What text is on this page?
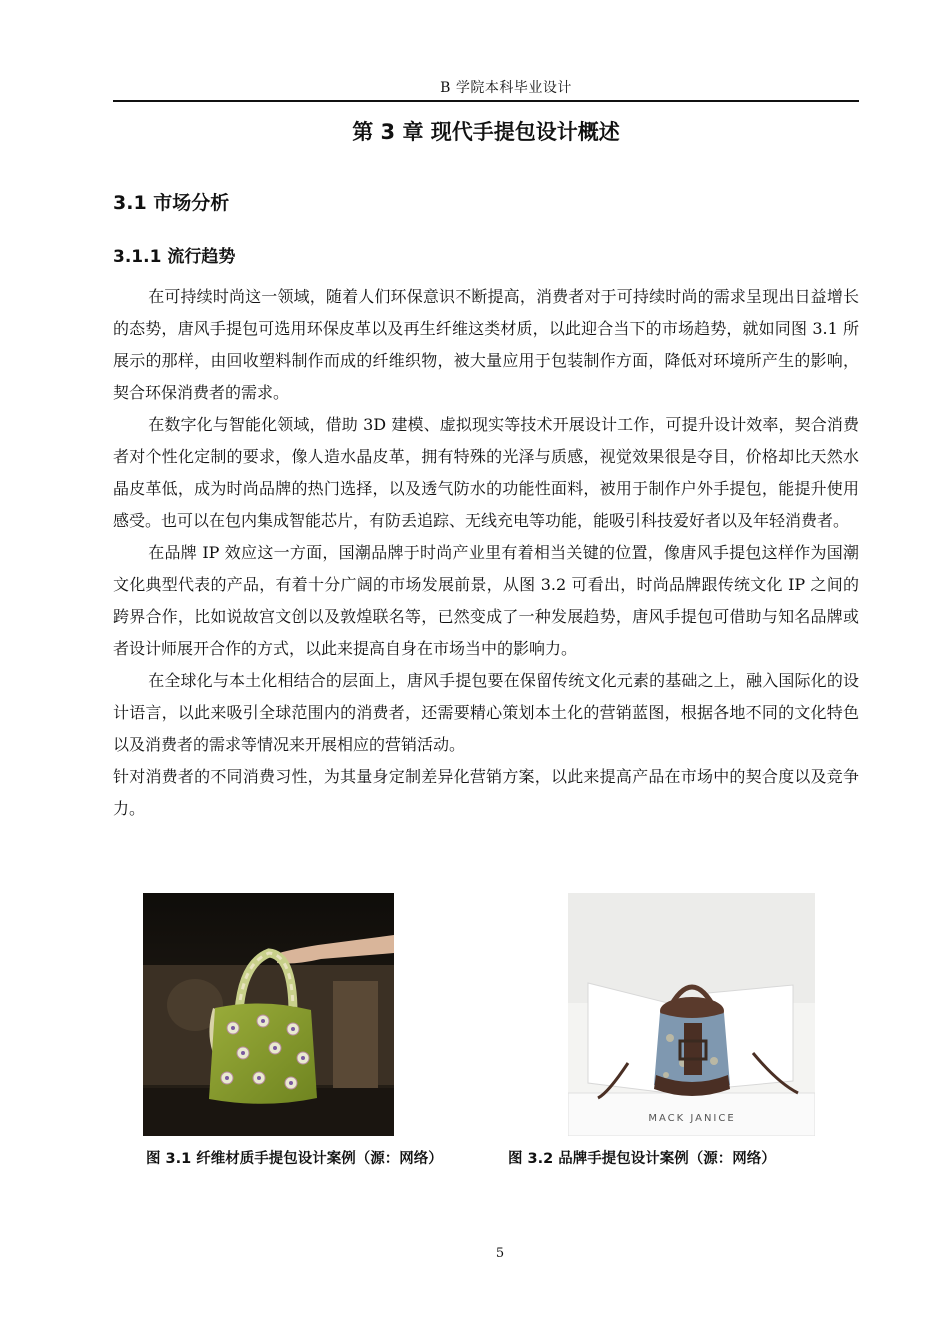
B 学院本科毕业设计
第 3 章 现代手提包设计概述
3.1 市场分析
3.1.1 流行趋势

在可持续时尚这一领域，随着人们环保意识不断提高，消费者对于可持续时尚的需求呈现出日益增长的态势，唐风手提包可选用环保皮革以及再生纤维这类材质，以此迎合当下的市场趋势，就如同图 3.1 所展示的那样，由回收塑料制作而成的纤维织物，被大量应用于包装制作方面，降低对环境所产生的影响，契合环保消费者的需求。

在数字化与智能化领域，借助 3D 建模、虚拟现实等技术开展设计工作，可提升设计效率，契合消费者对个性化定制的要求，像人造水晶皮革，拥有特殊的光泽与质感，视觉效果很是夺目，价格却比天然水晶皮革低，成为时尚品牌的热门选择，以及透气防水的功能性面料，被用于制作户外手提包，能提升使用感受。也可以在包内集成智能芯片，有防丢追踪、无线充电等功能，能吸引科技爱好者以及年轻消费者。

在品牌 IP 效应这一方面，国潮品牌于时尚产业里有着相当关键的位置，像唐风手提包这样作为国潮文化典型代表的产品，有着十分广阔的市场发展前景，从图 3.2 可看出，时尚品牌跟传统文化 IP 之间的跨界合作，比如说故宫文创以及敦煌联名等，已然变成了一种发展趋势，唐风手提包可借助与知名品牌或者设计师展开合作的方式，以此来提高自身在市场当中的影响力。

在全球化与本土化相结合的层面上，唐风手提包要在保留传统文化元素的基础之上，融入国际化的设计语言，以此来吸引全球范围内的消费者，还需要精心策划本土化的营销蓝图，根据各地不同的文化特色以及消费者的需求等情况来开展相应的营销活动。

针对消费者的不同消费习性，为其量身定制差异化营销方案，以此来提高产品在市场中的契合度以及竞争力。

MACK JANICE
图 3.1 纤维材质手提包设计案例（源：网络）	图 3.2 品牌手提包设计案例（源：网络）
5
